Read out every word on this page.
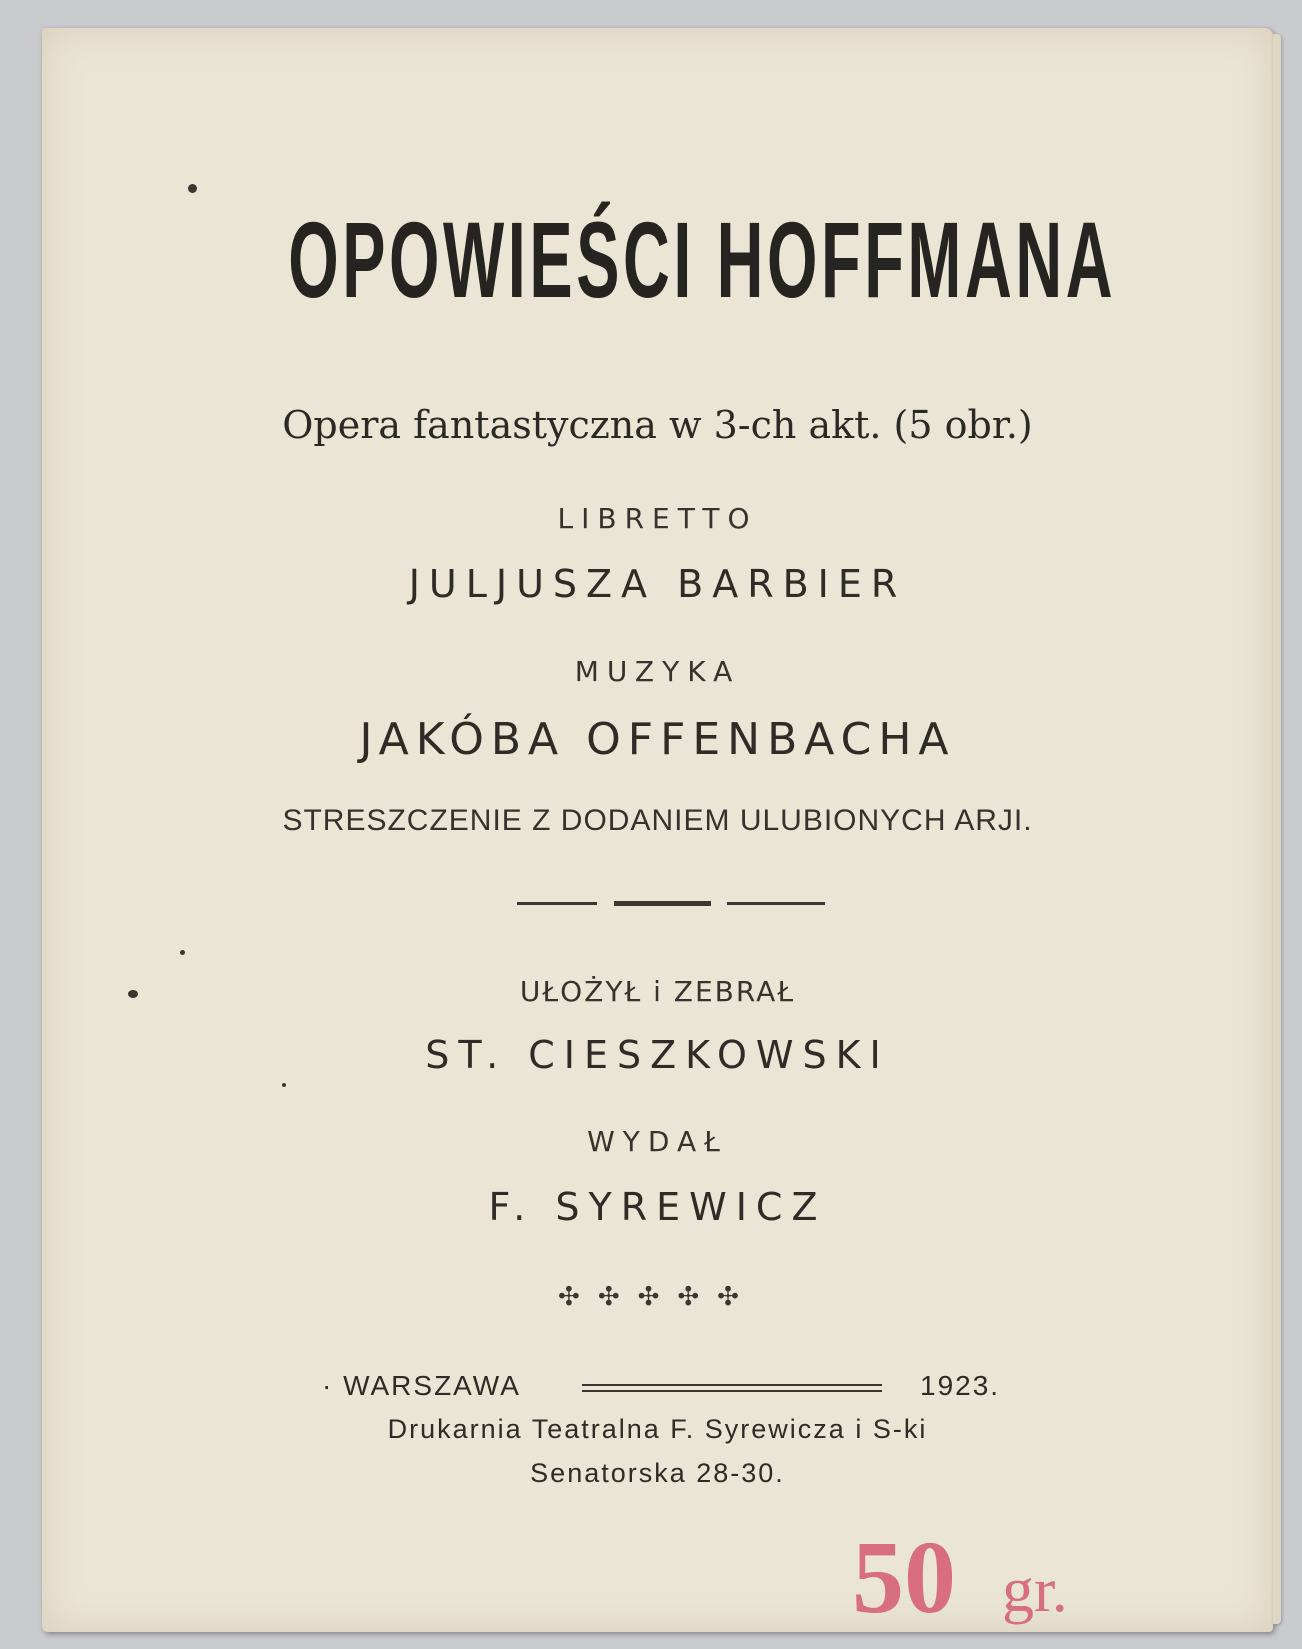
OPOWIEŚCI HOFFMANA

Opera fantastyczna w 3-ch akt. (5 obr.)

LIBRETTO

JULJUSZA BARBIER

MUZYKA

JAKÓBA OFFENBACHA

STRESZCZENIE Z DODANIEM ULUBIONYCH ARJI.

UŁOŻYŁ i ZEBRAŁ

ST. CIESZKOWSKI

WYDAŁ

F. SYREWICZ

✣✣✣✣✣

· WARSZAWA	1923.

Drukarnia Teatralna F. Syrewicza i S-ki

Senatorska 28-30.

50 gr.
